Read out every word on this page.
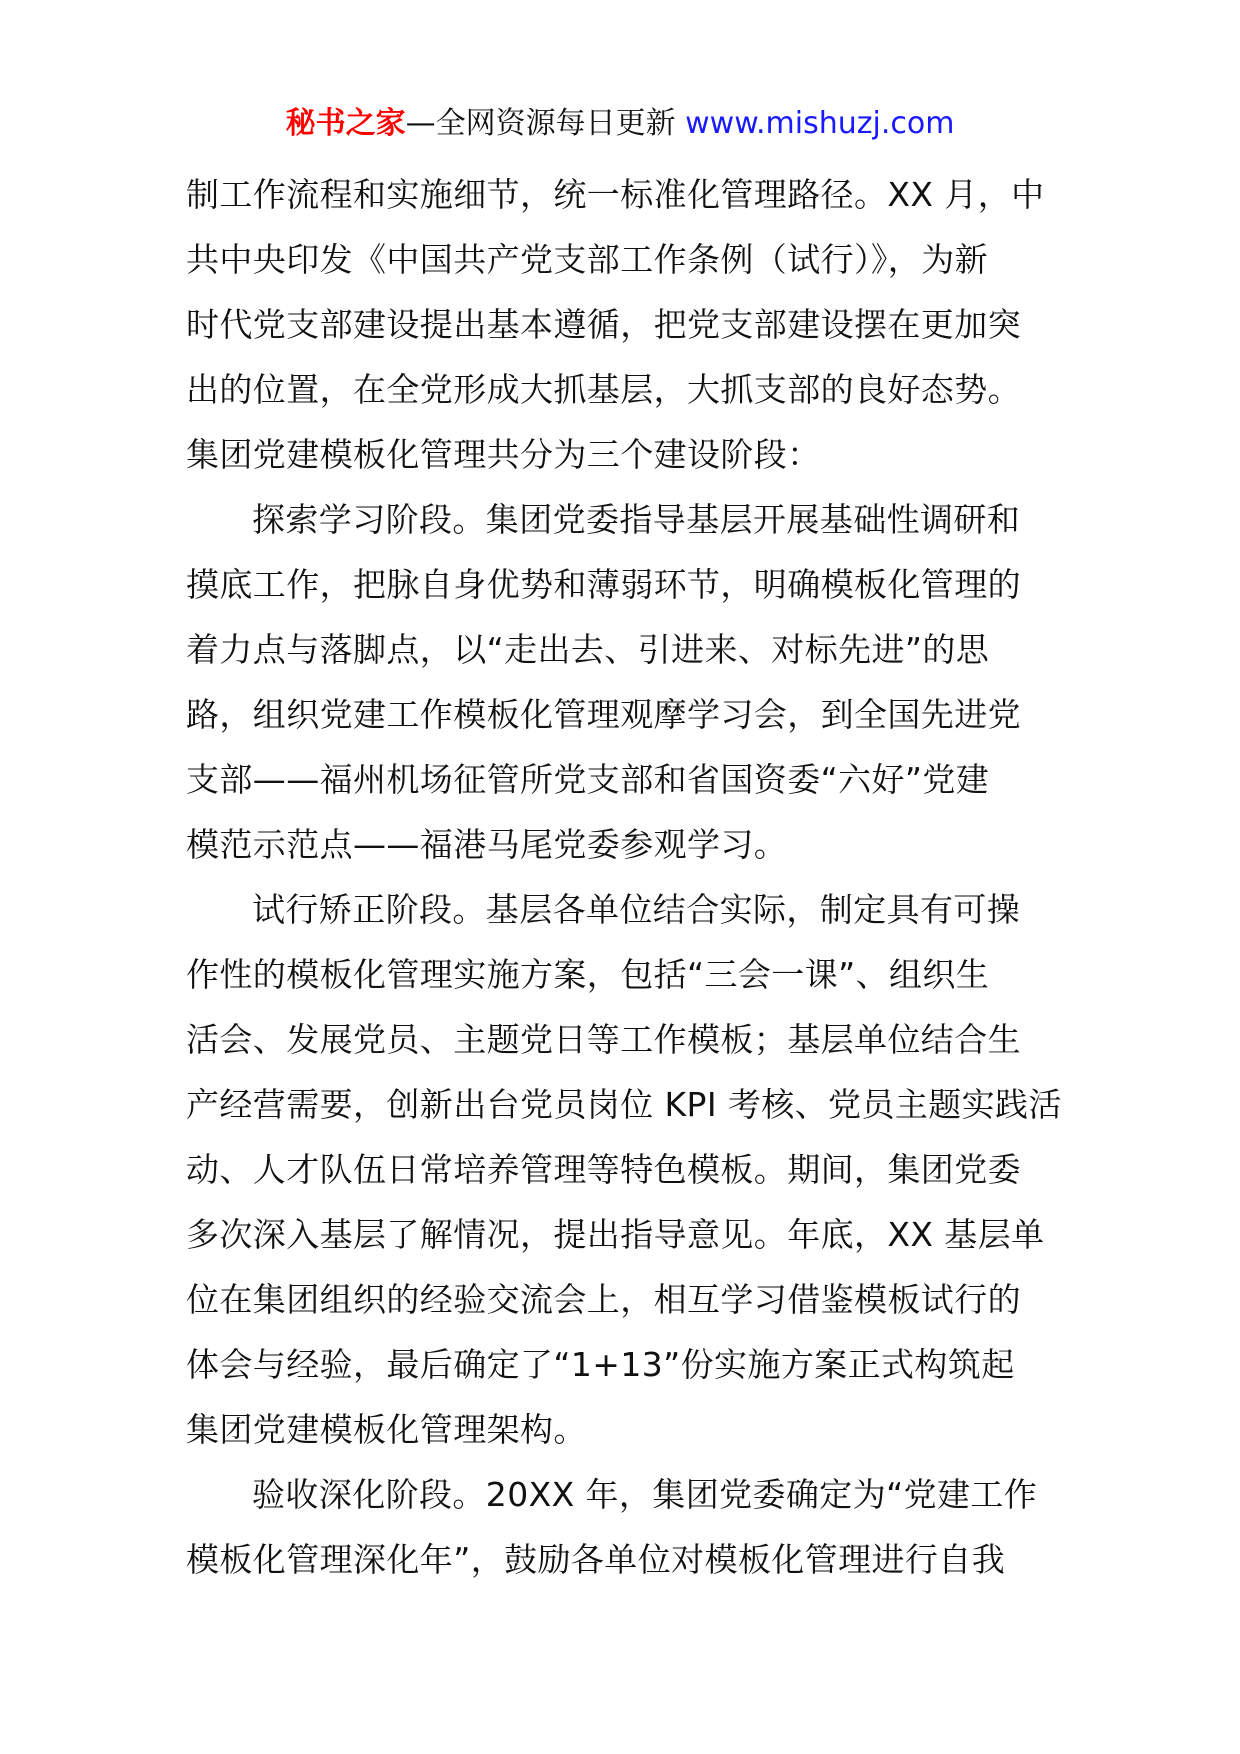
秘书之家—全网资源每日更新 www.mishuzj.com
制工作流程和实施细节，统一标准化管理路径。XX 月，中
共中央印发《中国共产党支部工作条例（试行）》，为新
时代党支部建设提出基本遵循，把党支部建设摆在更加突
出的位置，在全党形成大抓基层，大抓支部的良好态势。
集团党建模板化管理共分为三个建设阶段：
探索学习阶段。集团党委指导基层开展基础性调研和
摸底工作，把脉自身优势和薄弱环节，明确模板化管理的
着力点与落脚点，以“走出去、引进来、对标先进”的思
路，组织党建工作模板化管理观摩学习会，到全国先进党
支部——福州机场征管所党支部和省国资委“六好”党建
模范示范点——福港马尾党委参观学习。
试行矫正阶段。基层各单位结合实际，制定具有可操
作性的模板化管理实施方案，包括“三会一课”、组织生
活会、发展党员、主题党日等工作模板；基层单位结合生
产经营需要，创新出台党员岗位 KPI 考核、党员主题实践活
动、人才队伍日常培养管理等特色模板。期间，集团党委
多次深入基层了解情况，提出指导意见。年底，XX 基层单
位在集团组织的经验交流会上，相互学习借鉴模板试行的
体会与经验，最后确定了“1+13”份实施方案正式构筑起
集团党建模板化管理架构。
验收深化阶段。20XX 年，集团党委确定为“党建工作
模板化管理深化年”，鼓励各单位对模板化管理进行自我
